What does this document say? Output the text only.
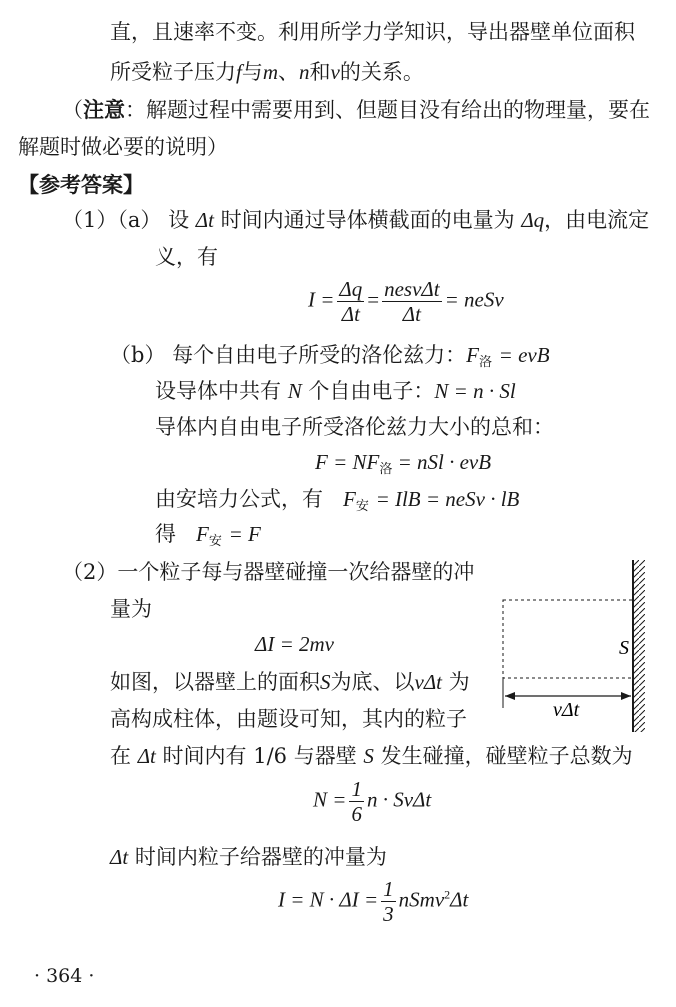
直，且速率不变。利用所学力学知识，导出器壁单位面积
所受粒子压力f与m、n和v的关系。
（注意：解题过程中需要用到、但题目没有给出的物理量，要在
解题时做必要的说明）
【参考答案】
（1）（a） 设 Δt 时间内通过导体横截面的电量为 Δq，由电流定
义，有
$I = \frac{\Delta q}{\Delta t} = \frac{\text{nesvΔt}}{\Delta t}$ = neSv
（b） 每个自由电子所受的洛伦兹力：$F_洛$ = evB
设导体中共有 N 个自由电子：N = n · Sl
导体内自由电子所受洛伦兹力大小的总和：
$F = NF_洛$ = nSl · evB
由安培力公式，有 $F_安$ = IlB = neSv · lB
得 $F_安 = F$
（2）一个粒子每与器壁碰撞一次给器壁的冲
量为
ΔI = 2mv
如图，以器壁上的面积S为底、以vΔt 为
高构成柱体，由题设可知，其内的粒子
在 Δt 时间内有 1/6 与器壁 S 发生碰撞，碰壁粒子总数为
$N = \frac{1}{6}$ n · SvΔt
Δt 时间内粒子给器壁的冲量为
$I = N \cdot \Delta I = \frac{1}{3}$ nSmv$^2$Δt
S
vΔt
· 364 ·
